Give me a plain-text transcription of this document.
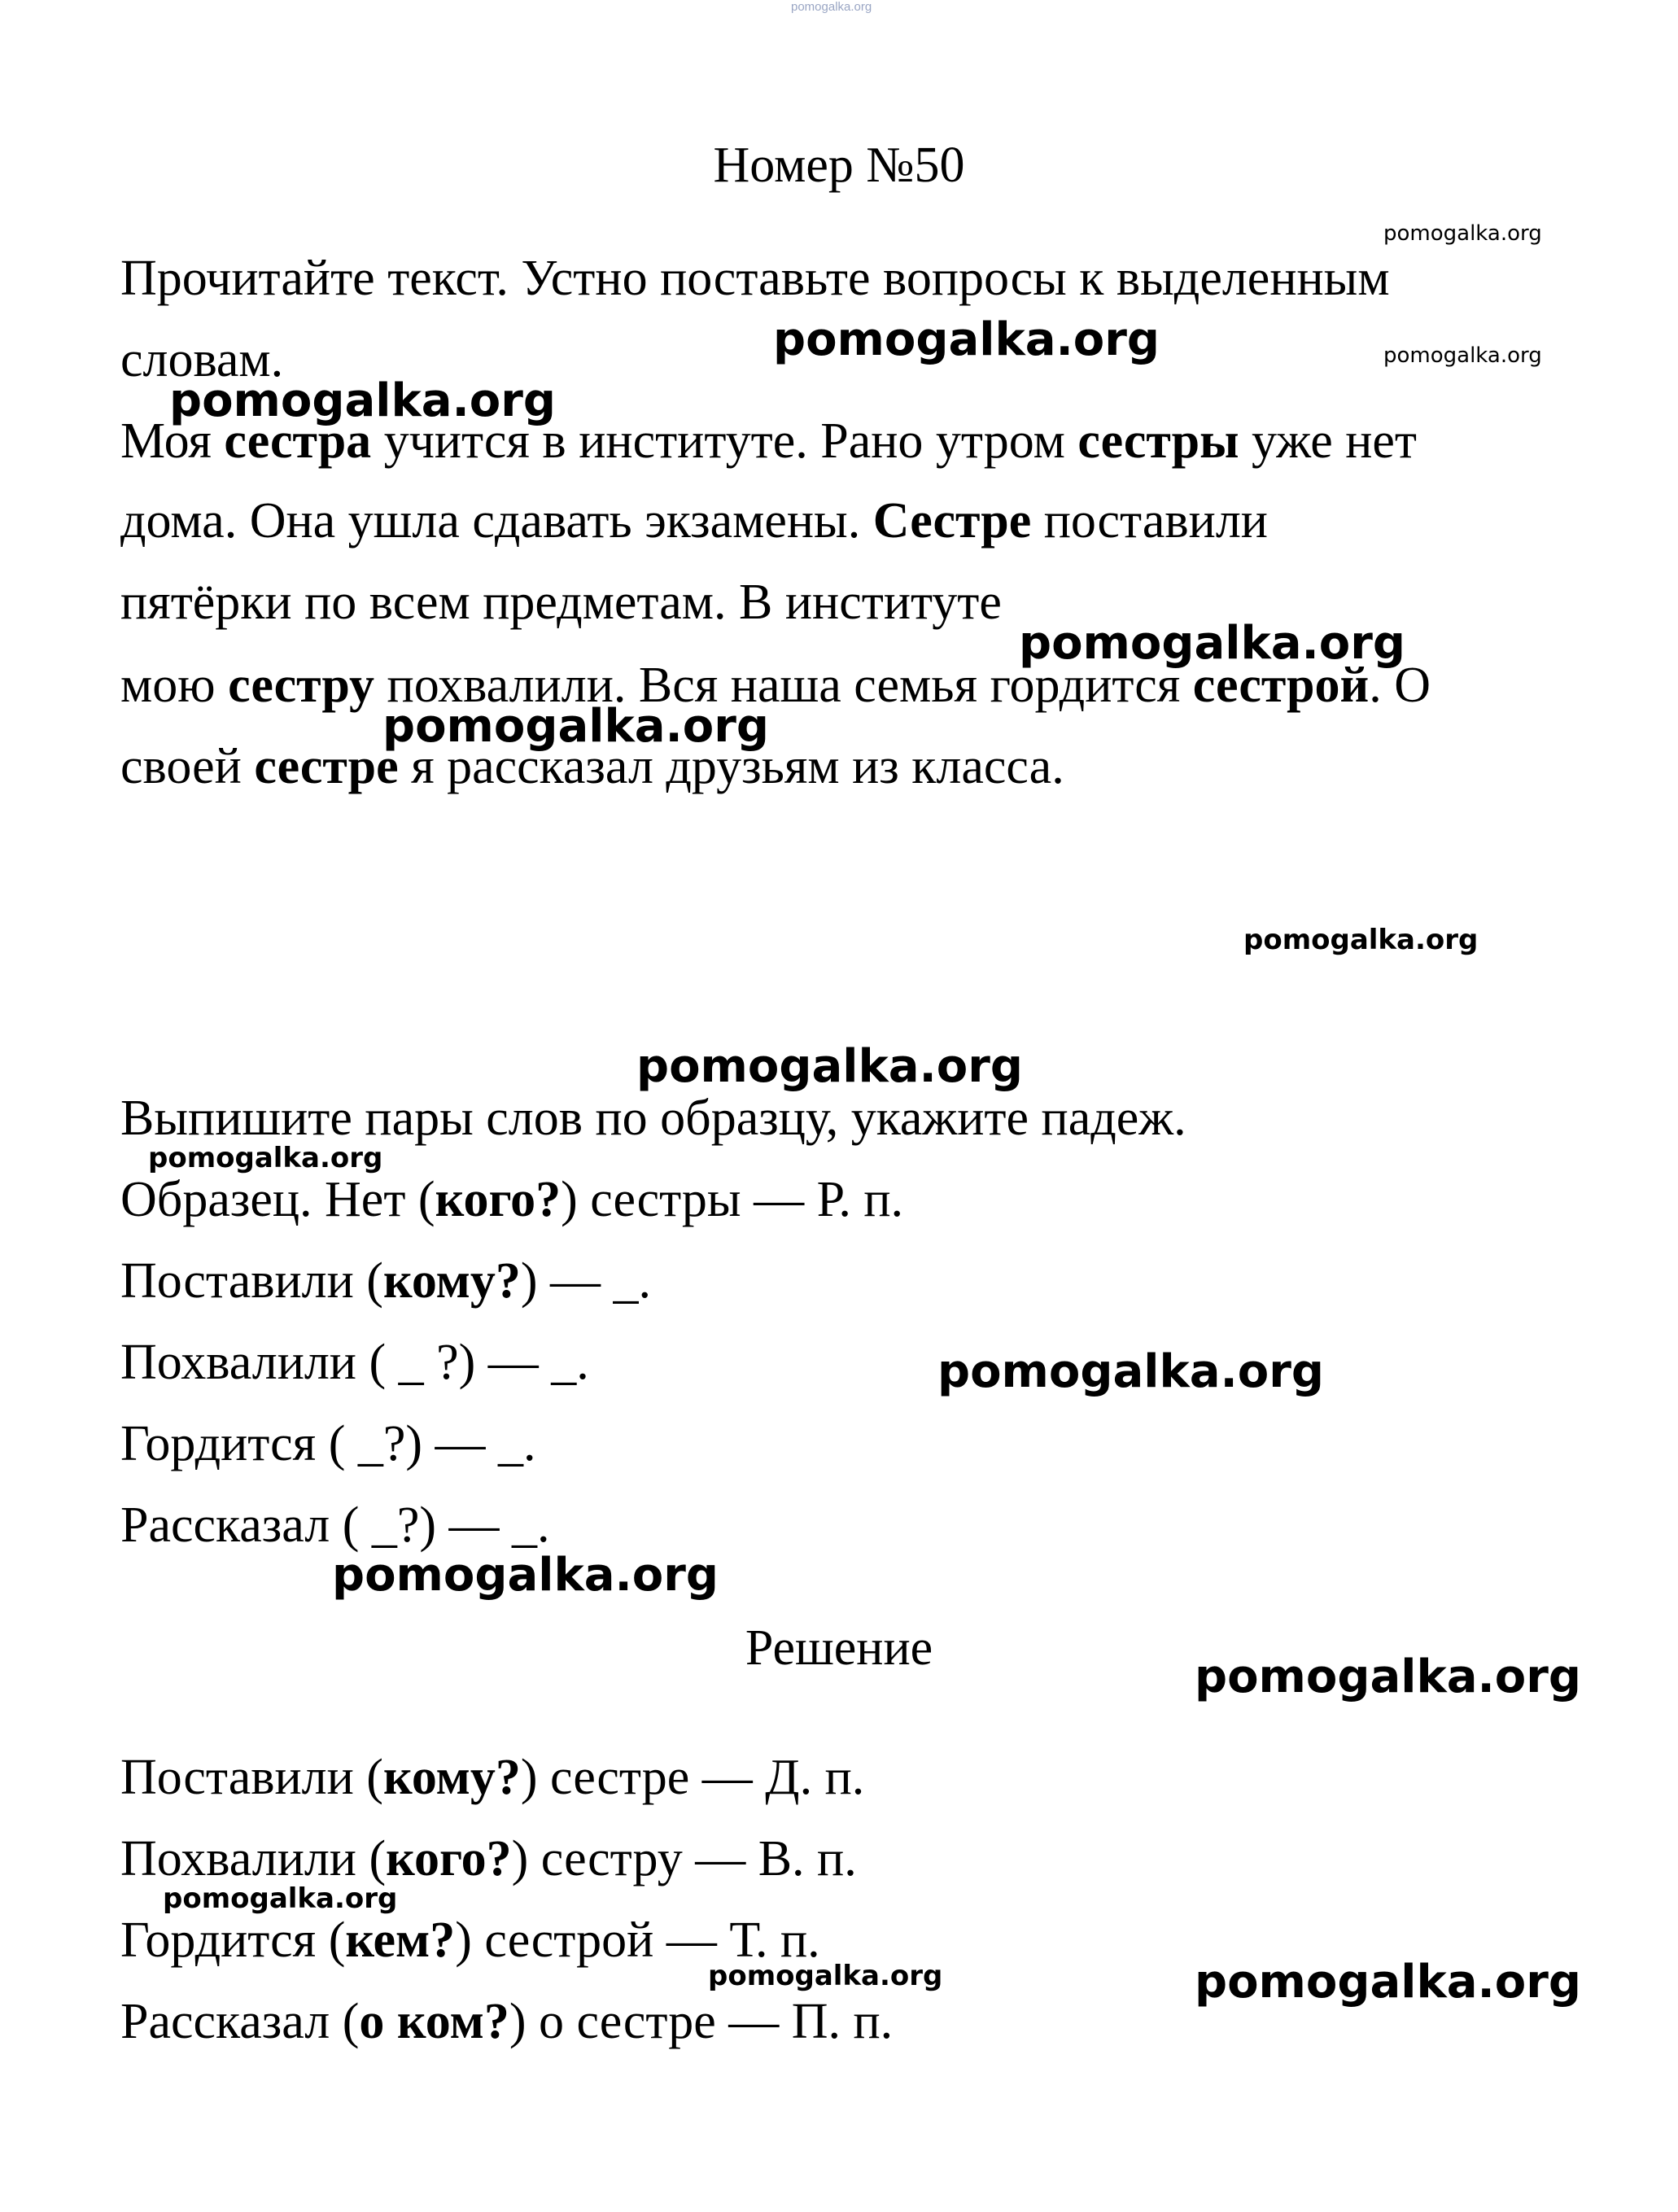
pomogalka.org
Номер №50
Прочитайте текст. Устно поставьте вопросы к выделенным
словам.
Моя сестра учится в институте. Рано утром сестры уже нет
дома. Она ушла сдавать экзамены. Сестре поставили
пятёрки по всем предметам. В институте
мою сестру похвалили. Вся наша семья гордится сестрой. О
своей сестре я рассказал друзьям из класса.
Выпишите пары слов по образцу, укажите падеж.
Образец. Нет (кого?) сестры — Р. п.
Поставили (кому?) — _.
Похвалили ( _ ?) — _.
Гордится ( _?) — _.
Рассказал ( _?) — _.
Решение
Поставили (кому?) сестре — Д. п.
Похвалили (кого?) сестру — В. п.
Гордится (кем?) сестрой — Т. п.
Рассказал (о ком?) о сестре — П. п.
pomogalka.org
pomogalka.org	pomogalka.org
pomogalka.org
pomogalka.org
pomogalka.org
pomogalka.org
pomogalka.org
pomogalka.org
pomogalka.org
pomogalka.org
pomogalka.org
pomogalka.org
pomogalka.org	pomogalka.org
